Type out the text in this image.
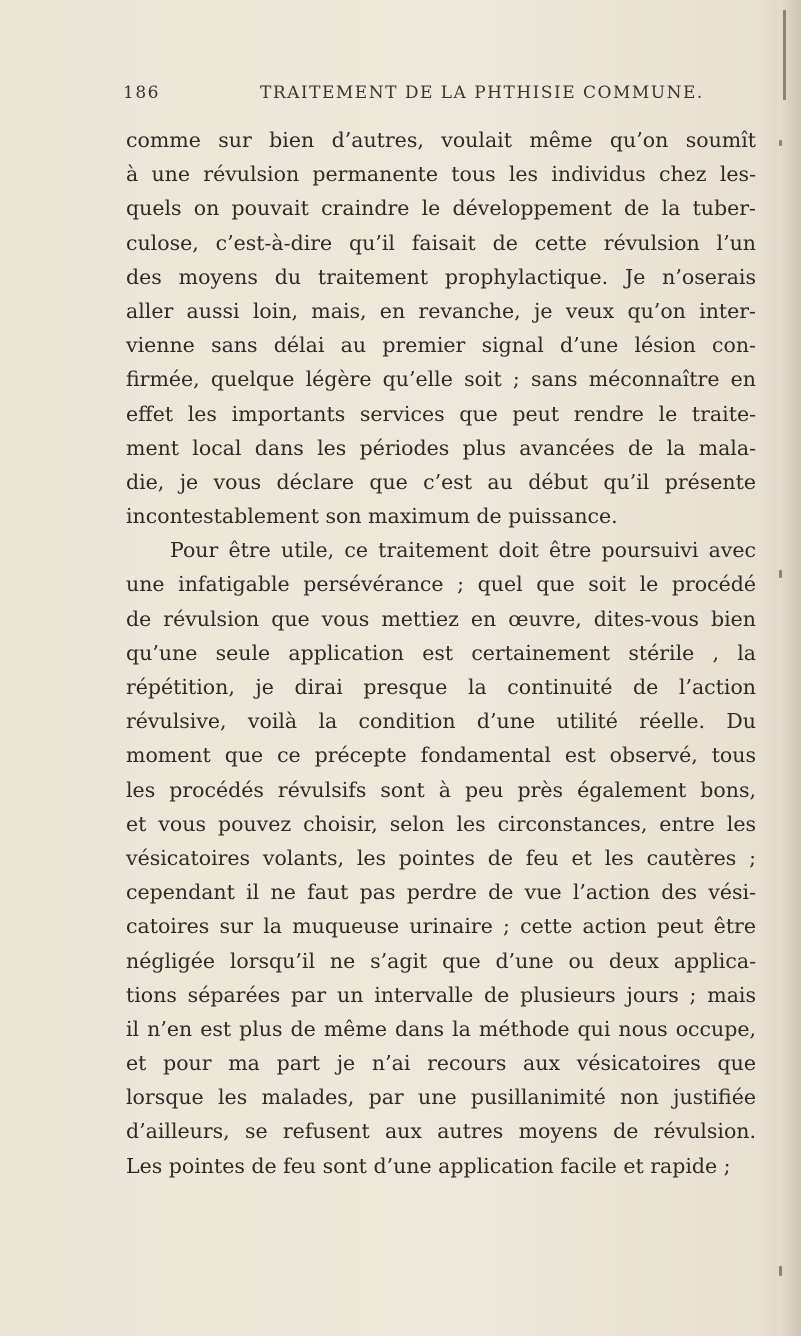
186	TRAITEMENT DE LA PHTHISIE COMMUNE.
comme sur bien d’autres, voulait même qu’on soumît
à une révulsion permanente tous les individus chez les-
quels on pouvait craindre le développement de la tuber-
culose, c’est-à-dire qu’il faisait de cette révulsion l’un
des moyens du traitement prophylactique. Je n’oserais
aller aussi loin, mais, en revanche, je veux qu’on inter-
vienne sans délai au premier signal d’une lésion con-
firmée, quelque légère qu’elle soit ; sans méconnaître en
effet les importants services que peut rendre le traite-
ment local dans les périodes plus avancées de la mala-
die, je vous déclare que c’est au début qu’il présente
incontestablement son maximum de puissance.
Pour être utile, ce traitement doit être poursuivi avec
une infatigable persévérance ; quel que soit le procédé
de révulsion que vous mettiez en œuvre, dites-vous bien
qu’une seule application est certainement stérile , la
répétition, je dirai presque la continuité de l’action
révulsive, voilà la condition d’une utilité réelle. Du
moment que ce précepte fondamental est observé, tous
les procédés révulsifs sont à peu près également bons,
et vous pouvez choisir, selon les circonstances, entre les
vésicatoires volants, les pointes de feu et les cautères ;
cependant il ne faut pas perdre de vue l’action des vési-
catoires sur la muqueuse urinaire ; cette action peut être
négligée lorsqu’il ne s’agit que d’une ou deux applica-
tions séparées par un intervalle de plusieurs jours ; mais
il n’en est plus de même dans la méthode qui nous occupe,
et pour ma part je n’ai recours aux vésicatoires que
lorsque les malades, par une pusillanimité non justifiée
d’ailleurs, se refusent aux autres moyens de révulsion.
Les pointes de feu sont d’une application facile et rapide ;
